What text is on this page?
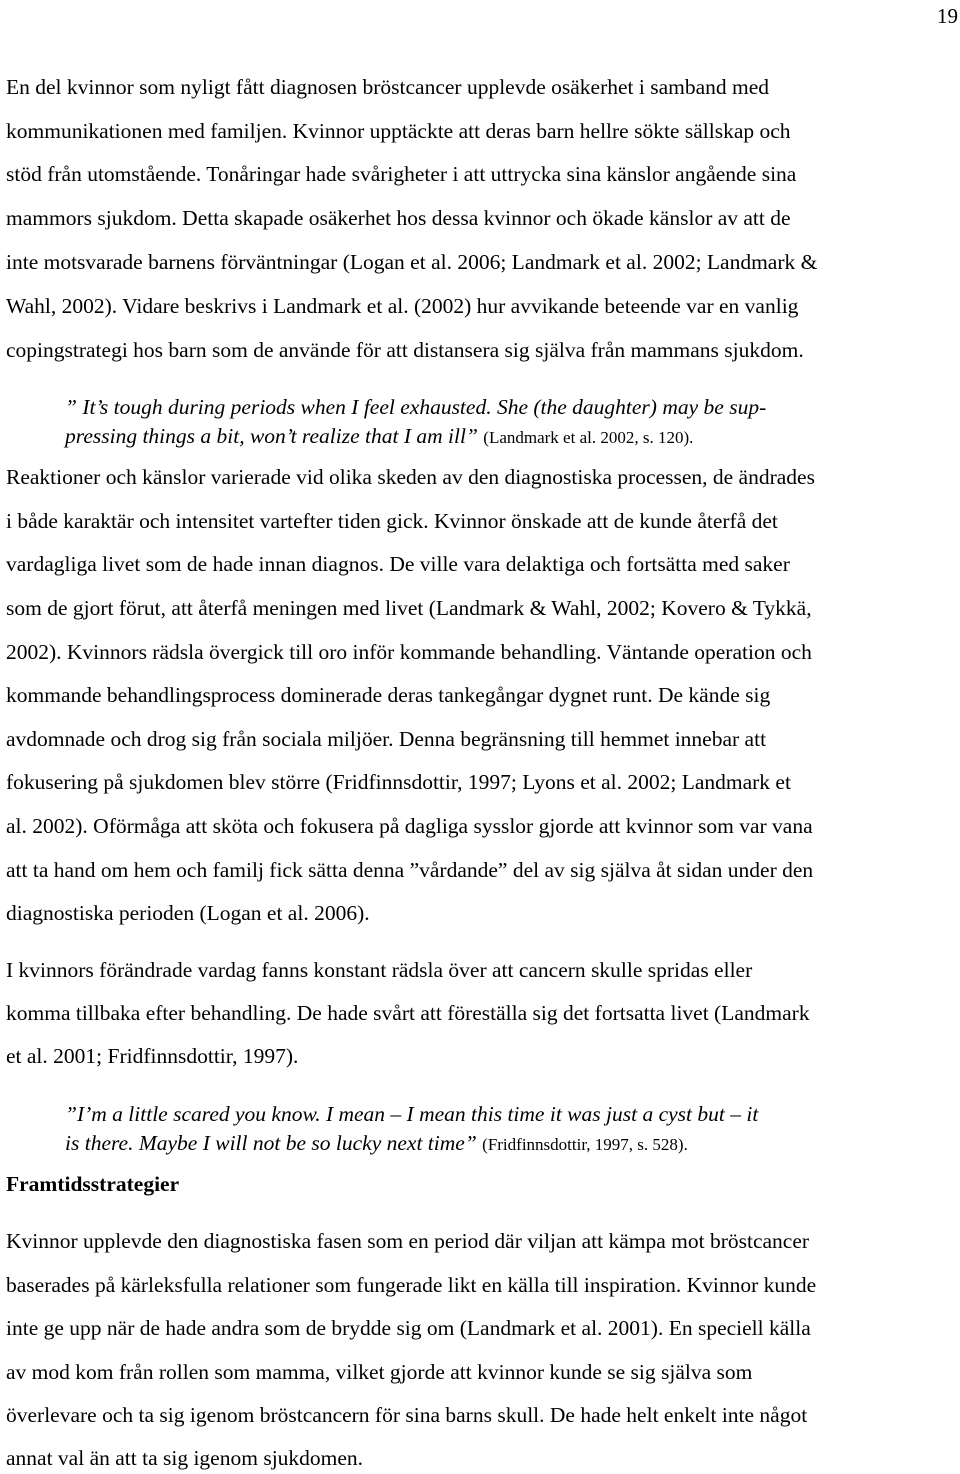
19
En del kvinnor som nyligt fått diagnosen bröstcancer upplevde osäkerhet i samband med
kommunikationen med familjen. Kvinnor upptäckte att deras barn hellre sökte sällskap och
stöd från utomstående. Tonåringar hade svårigheter i att uttrycka sina känslor angående sina
mammors sjukdom. Detta skapade osäkerhet hos dessa kvinnor och ökade känslor av att de
inte motsvarade barnens förväntningar (Logan et al. 2006; Landmark et al. 2002; Landmark &
Wahl, 2002). Vidare beskrivs i Landmark et al. (2002) hur avvikande beteende var en vanlig
copingstrategi hos barn som de använde för att distansera sig själva från mammans sjukdom.
” It’s tough during periods when I feel exhausted. She (the daughter) may be sup-
pressing things a bit, won’t realize that I am ill” (Landmark et al. 2002, s. 120).
Reaktioner och känslor varierade vid olika skeden av den diagnostiska processen, de ändrades
i både karaktär och intensitet vartefter tiden gick. Kvinnor önskade att de kunde återfå det
vardagliga livet som de hade innan diagnos. De ville vara delaktiga och fortsätta med saker
som de gjort förut, att återfå meningen med livet (Landmark & Wahl, 2002; Kovero & Tykkä,
2002). Kvinnors rädsla övergick till oro inför kommande behandling. Väntande operation och
kommande behandlingsprocess dominerade deras tankegångar dygnet runt. De kände sig
avdomnade och drog sig från sociala miljöer. Denna begränsning till hemmet innebar att
fokusering på sjukdomen blev större (Fridfinnsdottir, 1997; Lyons et al. 2002; Landmark et
al. 2002). Oförmåga att sköta och fokusera på dagliga sysslor gjorde att kvinnor som var vana
att ta hand om hem och familj fick sätta denna ”vårdande” del av sig själva åt sidan under den
diagnostiska perioden (Logan et al. 2006).
I kvinnors förändrade vardag fanns konstant rädsla över att cancern skulle spridas eller
komma tillbaka efter behandling. De hade svårt att föreställa sig det fortsatta livet (Landmark
et al. 2001; Fridfinnsdottir, 1997).
”I’m a little scared you know. I mean – I mean this time it was just a cyst but – it
is there. Maybe I will not be so lucky next time” (Fridfinnsdottir, 1997, s. 528).
Framtidsstrategier
Kvinnor upplevde den diagnostiska fasen som en period där viljan att kämpa mot bröstcancer
baserades på kärleksfulla relationer som fungerade likt en källa till inspiration. Kvinnor kunde
inte ge upp när de hade andra som de brydde sig om (Landmark et al. 2001). En speciell källa
av mod kom från rollen som mamma, vilket gjorde att kvinnor kunde se sig själva som
överlevare och ta sig igenom bröstcancern för sina barns skull. De hade helt enkelt inte något
annat val än att ta sig igenom sjukdomen.
